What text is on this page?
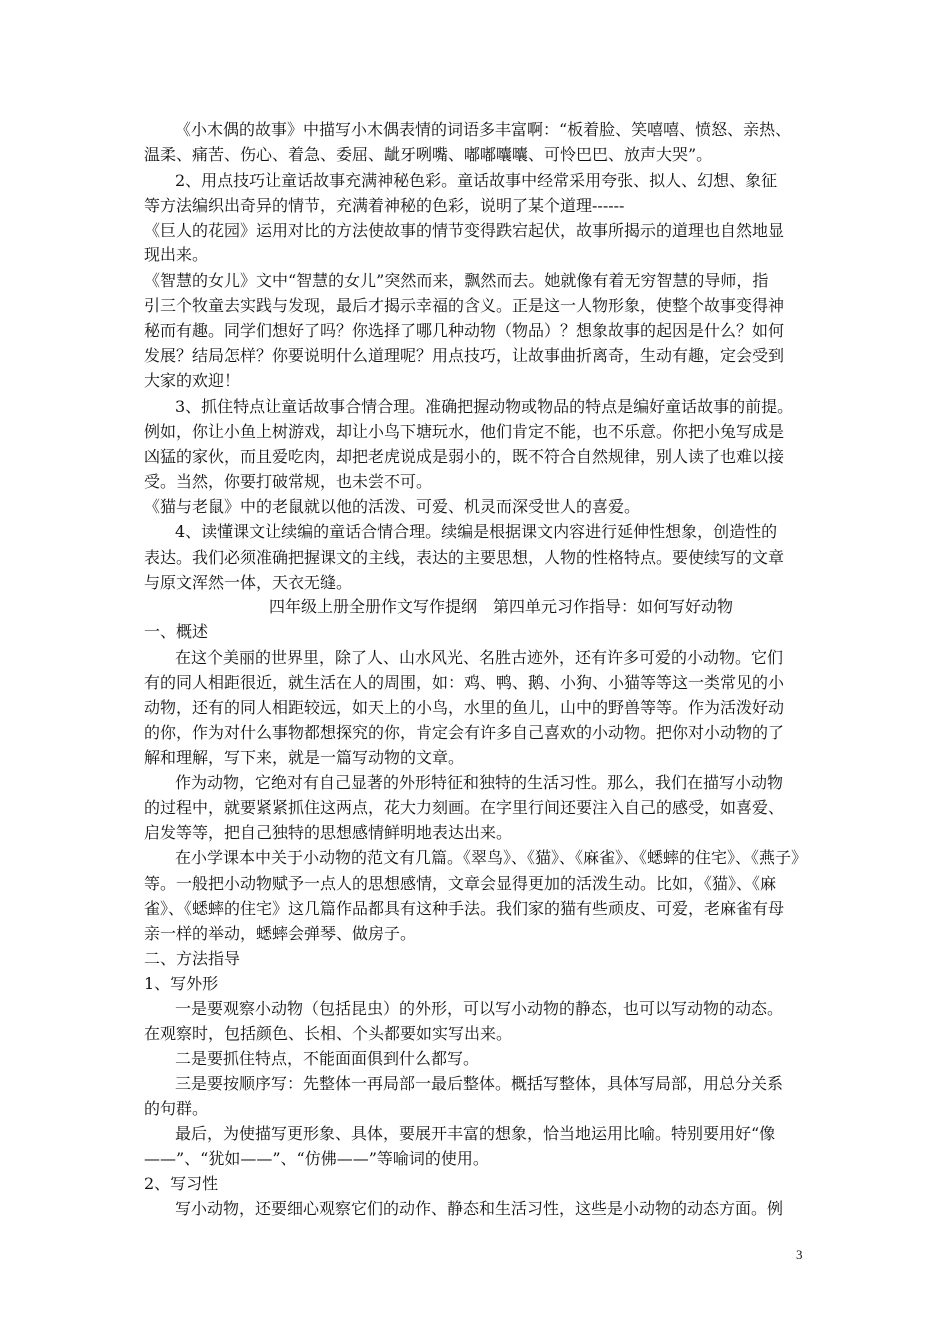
《小木偶的故事》中描写小木偶表情的词语多丰富啊：“板着脸、笑嘻嘻、愤怒、亲热、
温柔、痛苦、伤心、着急、委屈、龇牙咧嘴、嘟嘟囔囔、可怜巴巴、放声大哭”。
2、用点技巧让童话故事充满神秘色彩。童话故事中经常采用夸张、拟人、幻想、象征
等方法编织出奇异的情节，充满着神秘的色彩，说明了某个道理------
《巨人的花园》运用对比的方法使故事的情节变得跌宕起伏，故事所揭示的道理也自然地显
现出来。
《智慧的女儿》文中“智慧的女儿”突然而来，飘然而去。她就像有着无穷智慧的导师，指
引三个牧童去实践与发现，最后才揭示幸福的含义。正是这一人物形象，使整个故事变得神
秘而有趣。同学们想好了吗？你选择了哪几种动物（物品）？想象故事的起因是什么？如何
发展？结局怎样？你要说明什么道理呢？用点技巧，让故事曲折离奇，生动有趣，定会受到
大家的欢迎！
3、抓住特点让童话故事合情合理。准确把握动物或物品的特点是编好童话故事的前提。
例如，你让小鱼上树游戏，却让小鸟下塘玩水，他们肯定不能，也不乐意。你把小兔写成是
凶猛的家伙，而且爱吃肉，却把老虎说成是弱小的，既不符合自然规律，别人读了也难以接
受。当然，你要打破常规，也未尝不可。
《猫与老鼠》中的老鼠就以他的活泼、可爱、机灵而深受世人的喜爱。
4、读懂课文让续编的童话合情合理。续编是根据课文内容进行延伸性想象，创造性的
表达。我们必须准确把握课文的主线，表达的主要思想，人物的性格特点。要使续写的文章
与原文浑然一体，天衣无缝。
四年级上册全册作文写作提纲　第四单元习作指导：如何写好动物
一、概述
在这个美丽的世界里，除了人、山水风光、名胜古迹外，还有许多可爱的小动物。它们
有的同人相距很近，就生活在人的周围，如：鸡、鸭、鹅、小狗、小猫等等这一类常见的小
动物，还有的同人相距较远，如天上的小鸟，水里的鱼儿，山中的野兽等等。作为活泼好动
的你，作为对什么事物都想探究的你，肯定会有许多自己喜欢的小动物。把你对小动物的了
解和理解，写下来，就是一篇写动物的文章。
作为动物，它绝对有自己显著的外形特征和独特的生活习性。那么，我们在描写小动物
的过程中，就要紧紧抓住这两点，花大力刻画。在字里行间还要注入自己的感受，如喜爱、
启发等等，把自己独特的思想感情鲜明地表达出来。
在小学课本中关于小动物的范文有几篇。《翠鸟》、《猫》、《麻雀》、《蟋蟀的住宅》、《燕子》
等。一般把小动物赋予一点人的思想感情，文章会显得更加的活泼生动。比如，《猫》、《麻
雀》、《蟋蟀的住宅》这几篇作品都具有这种手法。我们家的猫有些顽皮、可爱，老麻雀有母
亲一样的举动，蟋蟀会弹琴、做房子。
二、方法指导
1、写外形
一是要观察小动物（包括昆虫）的外形，可以写小动物的静态，也可以写动物的动态。
在观察时，包括颜色、长相、个头都要如实写出来。
二是要抓住特点，不能面面俱到什么都写。
三是要按顺序写：先整体一再局部一最后整体。概括写整体，具体写局部，用总分关系
的句群。
最后，为使描写更形象、具体，要展开丰富的想象，恰当地运用比喻。特别要用好“像
——”、“犹如——”、“仿佛——”等喻词的使用。
2、写习性
写小动物，还要细心观察它们的动作、静态和生活习性，这些是小动物的动态方面。例
3
